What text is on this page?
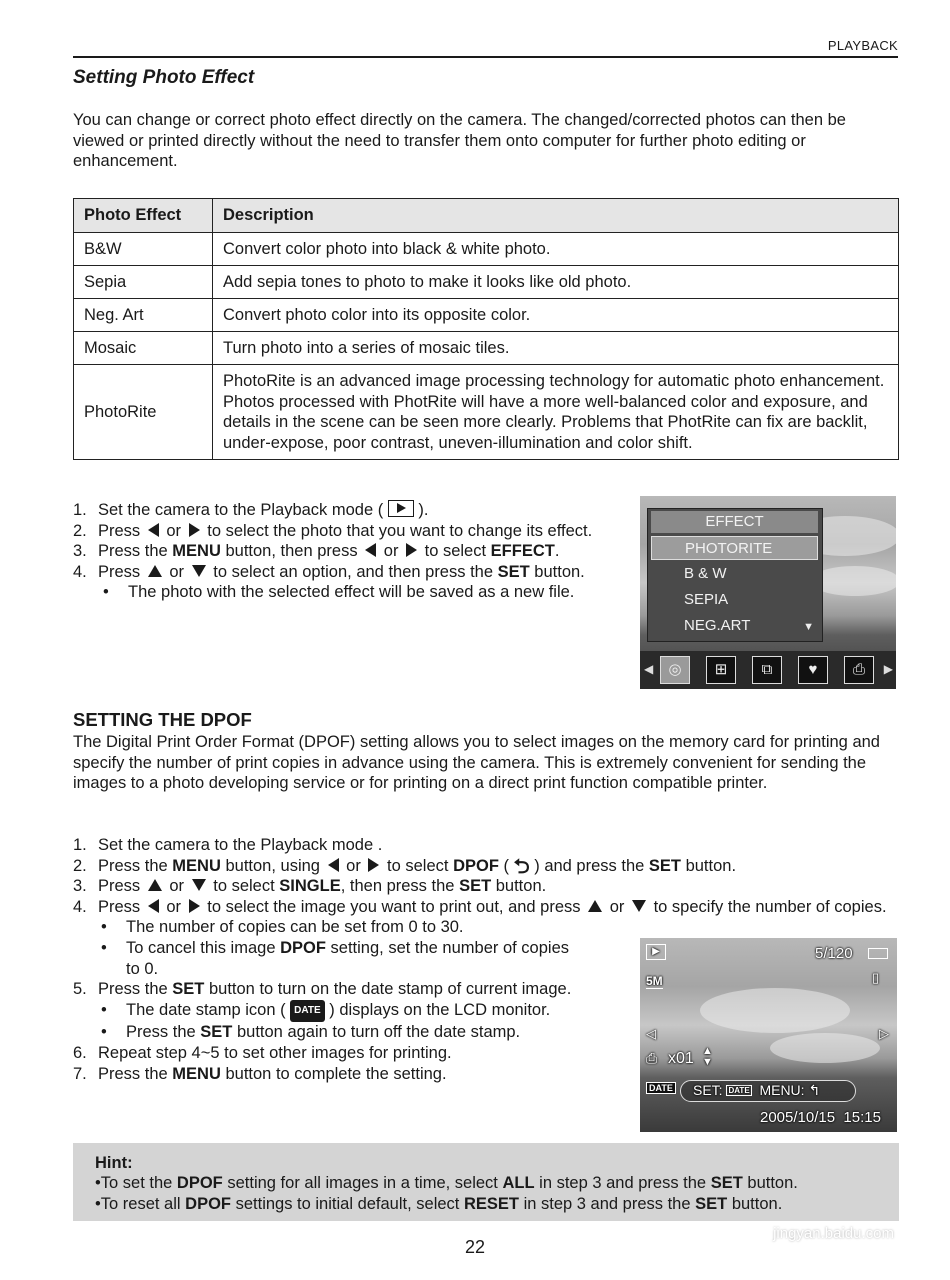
PLAYBACK
Setting Photo Effect
You can change or correct photo effect directly on the camera. The changed/corrected photos can then be viewed or printed directly without the need to transfer them onto computer for further photo editing or enhancement.
Photo Effect	Description
B&W	Convert color photo into black & white photo.
Sepia	Add sepia tones to photo to make it looks like old photo.
Neg. Art	Convert photo color into its opposite color.
Mosaic	Turn photo into a series of mosaic tiles.
PhotoRite	PhotoRite is an advanced image processing technology for automatic photo enhancement. Photos processed with PhotRite will have a more well-balanced color and exposure, and details in the scene can be seen more clearly. Problems that PhotRite can fix are backlit, under-expose, poor contrast, uneven-illumination and color shift.
1. Set the camera to the Playback mode ( ).
2. Press or to select the photo that you want to change its effect.
3. Press the MENU button, then press or to select EFFECT.
4. Press or to select an option, and then press the SET button.
• The photo with the selected effect will be saved as a new file.
EFFECT
PHOTORITE
B & W
SEPIA
NEG.ART	▼
◀	◎	⊞	⧉	♥	⎙	▶
SETTING THE DPOF
The Digital Print Order Format (DPOF) setting allows you to select images on the memory card for printing and specify the number of print copies in advance using the camera. This is extremely convenient for sending the images to a photo developing service or for printing on a direct print function compatible printer.
1. Set the camera to the Playback mode .
2. Press the MENU button, using or to select DPOF ( ⮌ ) and press the SET button.
3. Press or to select SINGLE, then press the SET button.
4. Press or to select the image you want to print out, and press or to specify the number of copies.
• The number of copies can be set from 0 to 30.
• To cancel this image DPOF setting, set the number of copies to 0.
5. Press the SET button to turn on the date stamp of current image.
• The date stamp icon ( DATE ) displays on the LCD monitor.
• Press the SET button again to turn off the date stamp.
6. Repeat step 4~5 to set other images for printing.
7. Press the MENU button to complete the setting.
▶	5/120
5M	▯
◁	▷
⎙ x01 ▲
▼
DATE	SET: DATE MENU: ↰
2005/10/15  15:15
Hint:
•To set the DPOF setting for all images in a time, select ALL in step 3 and press the SET button.
•To reset all DPOF settings to initial default, select RESET in step 3 and press the SET button.
jingyan.baidu.com
22
